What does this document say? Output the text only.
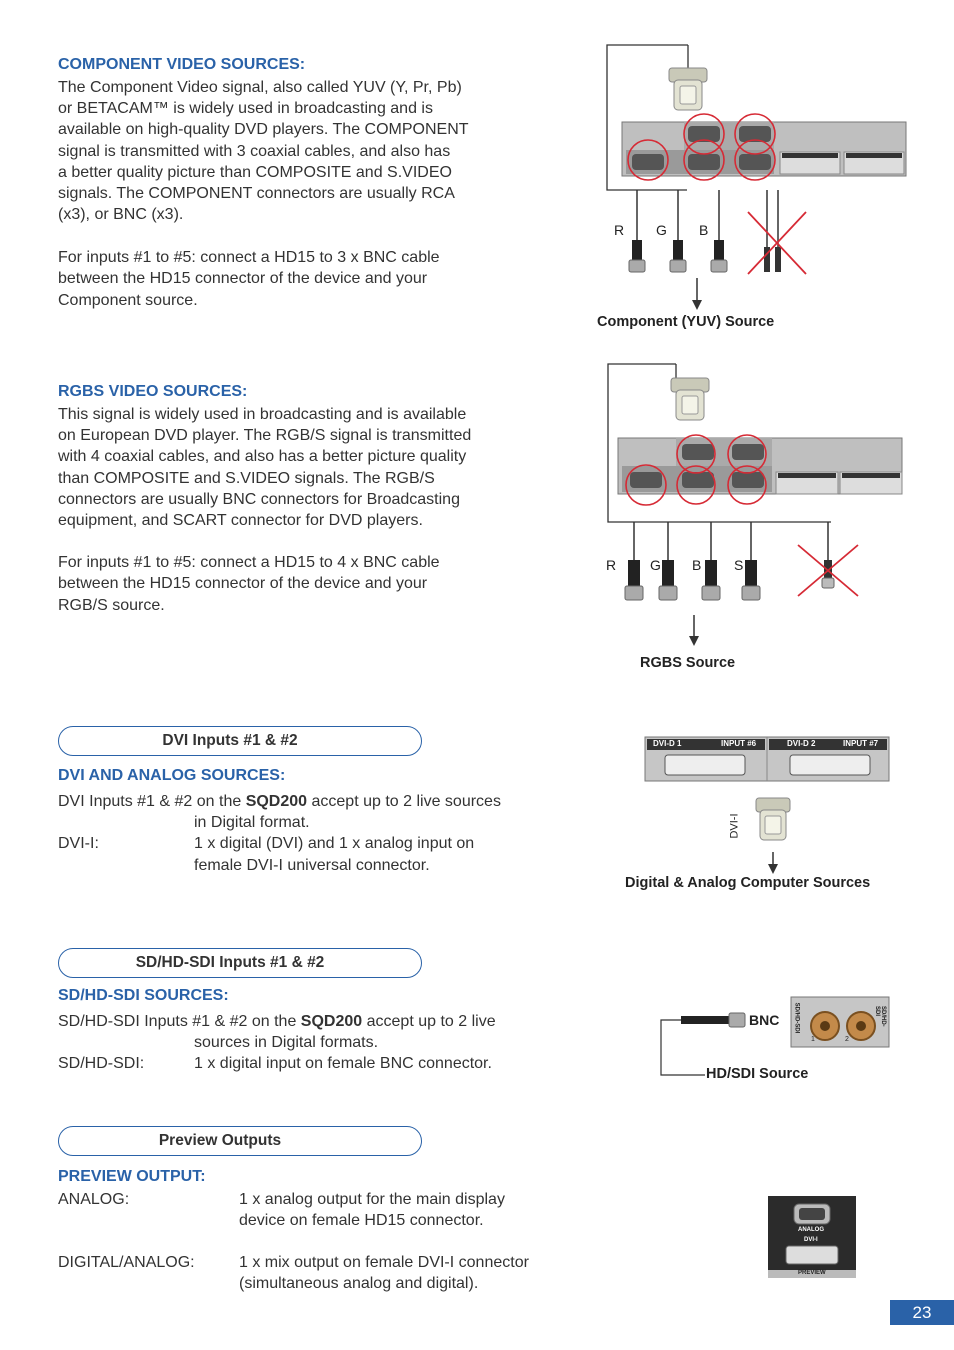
COMPONENT VIDEO SOURCES:
The Component Video signal, also called YUV (Y, Pr, Pb)
or BETACAM™ is widely used in broadcasting and is
available on high-quality DVD players. The COMPONENT
signal is transmitted with 3 coaxial cables, and also has
a better quality picture than COMPOSITE and S.VIDEO
signals. The COMPONENT connectors are usually RCA
(x3), or BNC (x3).
For inputs #1 to #5: connect a HD15 to 3 x BNC cable
between the HD15 connector of the device and your
Component source.
R G B
Component (YUV) Source
RGBS VIDEO SOURCES:
This signal is widely used in broadcasting and is available
on European DVD player. The RGB/S signal is transmitted
with 4 coaxial cables, and also has a better picture quality
than COMPOSITE and S.VIDEO signals. The RGB/S
connectors are usually BNC connectors for Broadcasting
equipment, and SCART connector for DVD players.
For inputs #1 to #5: connect a HD15 to 4 x BNC cable
between the HD15 connector of the device and your
RGB/S source.
R G B S
RGBS Source
DVI Inputs #1 & #2
DVI AND ANALOG SOURCES:
DVI Inputs #1 & #2 on the SQD200 accept up to 2 live sources
in Digital format.
DVI-I:	1 x digital (DVI) and 1 x analog input on
female DVI-I universal connector.
DVI-D 1	INPUT #6	DVI-D 2	INPUT #7
DVI-I
Digital & Analog Computer Sources
SD/HD-SDI Inputs #1 & #2
SD/HD-SDI SOURCES:
SD/HD-SDI Inputs #1 & #2 on the SQD200 accept up to 2 live
sources in Digital formats.
SD/HD-SDI:	1 x digital input on female BNC connector.
BNC SD/HD-SDI	SD/HD-SDI
1	2
HD/SDI Source
Preview Outputs
PREVIEW OUTPUT:
ANALOG:	1 x analog output for the main display
device on female HD15 connector.
DIGITAL/ANALOG:	1 x mix output on female DVI-I connector
(simultaneous analog and digital).
ANALOG
DVI-I
PREVIEW
23
